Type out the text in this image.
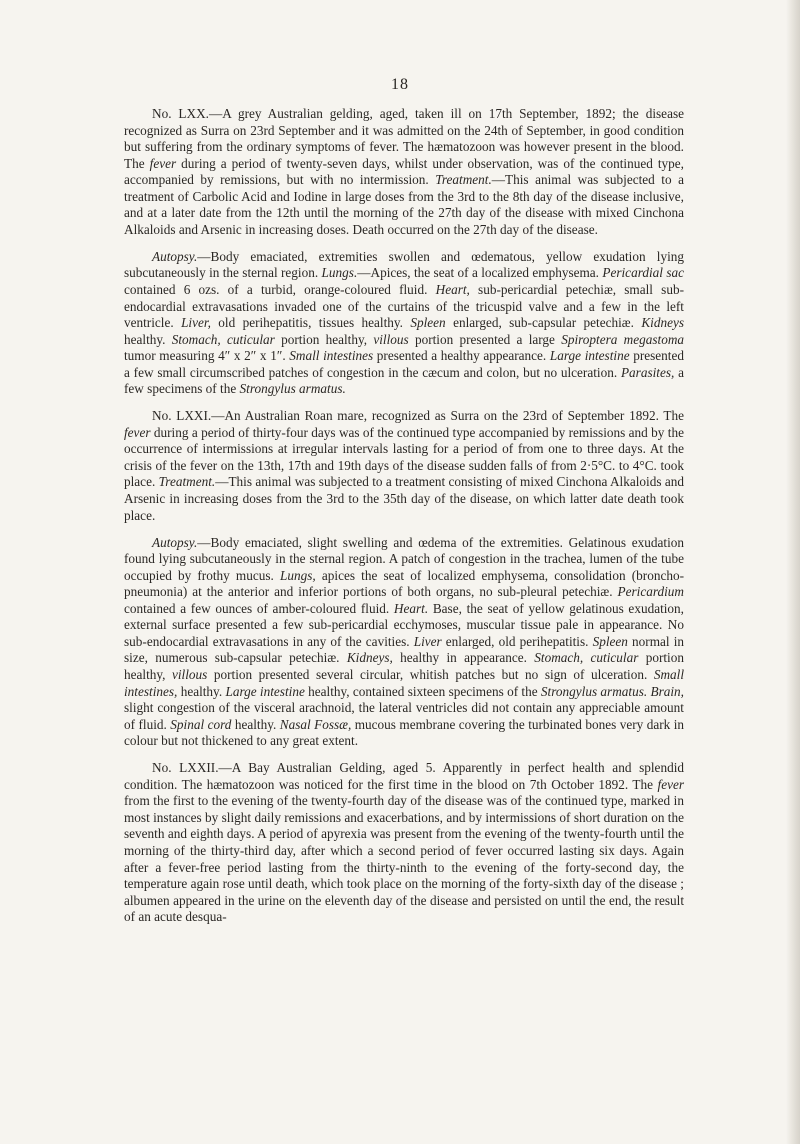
18

No. LXX.—A grey Australian gelding, aged, taken ill on 17th September, 1892; the disease recognized as Surra on 23rd September and it was admitted on the 24th of September, in good condition but suffering from the ordinary symptoms of fever. The hæmatozoon was however present in the blood. The fever during a period of twenty-seven days, whilst under observation, was of the continued type, accompanied by remissions, but with no intermission. Treatment.—This animal was subjected to a treatment of Carbolic Acid and Iodine in large doses from the 3rd to the 8th day of the disease inclusive, and at a later date from the 12th until the morning of the 27th day of the disease with mixed Cinchona Alkaloids and Arsenic in increasing doses. Death occurred on the 27th day of the disease.

Autopsy.—Body emaciated, extremities swollen and œdematous, yellow exudation lying subcutaneously in the sternal region. Lungs.—Apices, the seat of a localized emphysema. Pericardial sac contained 6 ozs. of a turbid, orange-coloured fluid. Heart, sub-pericardial petechiæ, small sub-endocardial extravasations invaded one of the curtains of the tricuspid valve and a few in the left ventricle. Liver, old perihepatitis, tissues healthy. Spleen enlarged, sub-capsular petechiæ. Kidneys healthy. Stomach, cuticular portion healthy, villous portion presented a large Spiroptera megastoma tumor measuring 4″ x 2″ x 1″. Small intestines presented a healthy appearance. Large intestine presented a few small circumscribed patches of congestion in the cæcum and colon, but no ulceration. Parasites, a few specimens of the Strongylus armatus.

No. LXXI.—An Australian Roan mare, recognized as Surra on the 23rd of September 1892. The fever during a period of thirty-four days was of the continued type accompanied by remissions and by the occurrence of intermissions at irregular intervals lasting for a period of from one to three days. At the crisis of the fever on the 13th, 17th and 19th days of the disease sudden falls of from 2·5°C. to 4°C. took place. Treatment.—This animal was subjected to a treatment consisting of mixed Cinchona Alkaloids and Arsenic in increasing doses from the 3rd to the 35th day of the disease, on which latter date death took place.

Autopsy.—Body emaciated, slight swelling and œdema of the extremities. Gelatinous exudation found lying subcutaneously in the sternal region. A patch of congestion in the trachea, lumen of the tube occupied by frothy mucus. Lungs, apices the seat of localized emphysema, consolidation (broncho-pneumonia) at the anterior and inferior portions of both organs, no sub-pleural petechiæ. Pericardium contained a few ounces of amber-coloured fluid. Heart. Base, the seat of yellow gelatinous exudation, external surface presented a few sub-pericardial ecchymoses, muscular tissue pale in appearance. No sub-endocardial extravasations in any of the cavities. Liver enlarged, old perihepatitis. Spleen normal in size, numerous sub-capsular petechiæ. Kidneys, healthy in appearance. Stomach, cuticular portion healthy, villous portion presented several circular, whitish patches but no sign of ulceration. Small intestines, healthy. Large intestine healthy, contained sixteen specimens of the Strongylus armatus. Brain, slight congestion of the visceral arachnoid, the lateral ventricles did not contain any appreciable amount of fluid. Spinal cord healthy. Nasal Fossæ, mucous membrane covering the turbinated bones very dark in colour but not thickened to any great extent.

No. LXXII.—A Bay Australian Gelding, aged 5. Apparently in perfect health and splendid condition. The hæmatozoon was noticed for the first time in the blood on 7th October 1892. The fever from the first to the evening of the twenty-fourth day of the disease was of the continued type, marked in most instances by slight daily remissions and exacerbations, and by intermissions of short duration on the seventh and eighth days. A period of apyrexia was present from the evening of the twenty-fourth until the morning of the thirty-third day, after which a second period of fever occurred lasting six days. Again after a fever-free period lasting from the thirty-ninth to the evening of the forty-second day, the temperature again rose until death, which took place on the morning of the forty-sixth day of the disease ; albumen appeared in the urine on the eleventh day of the disease and persisted on until the end, the result of an acute desqua-
